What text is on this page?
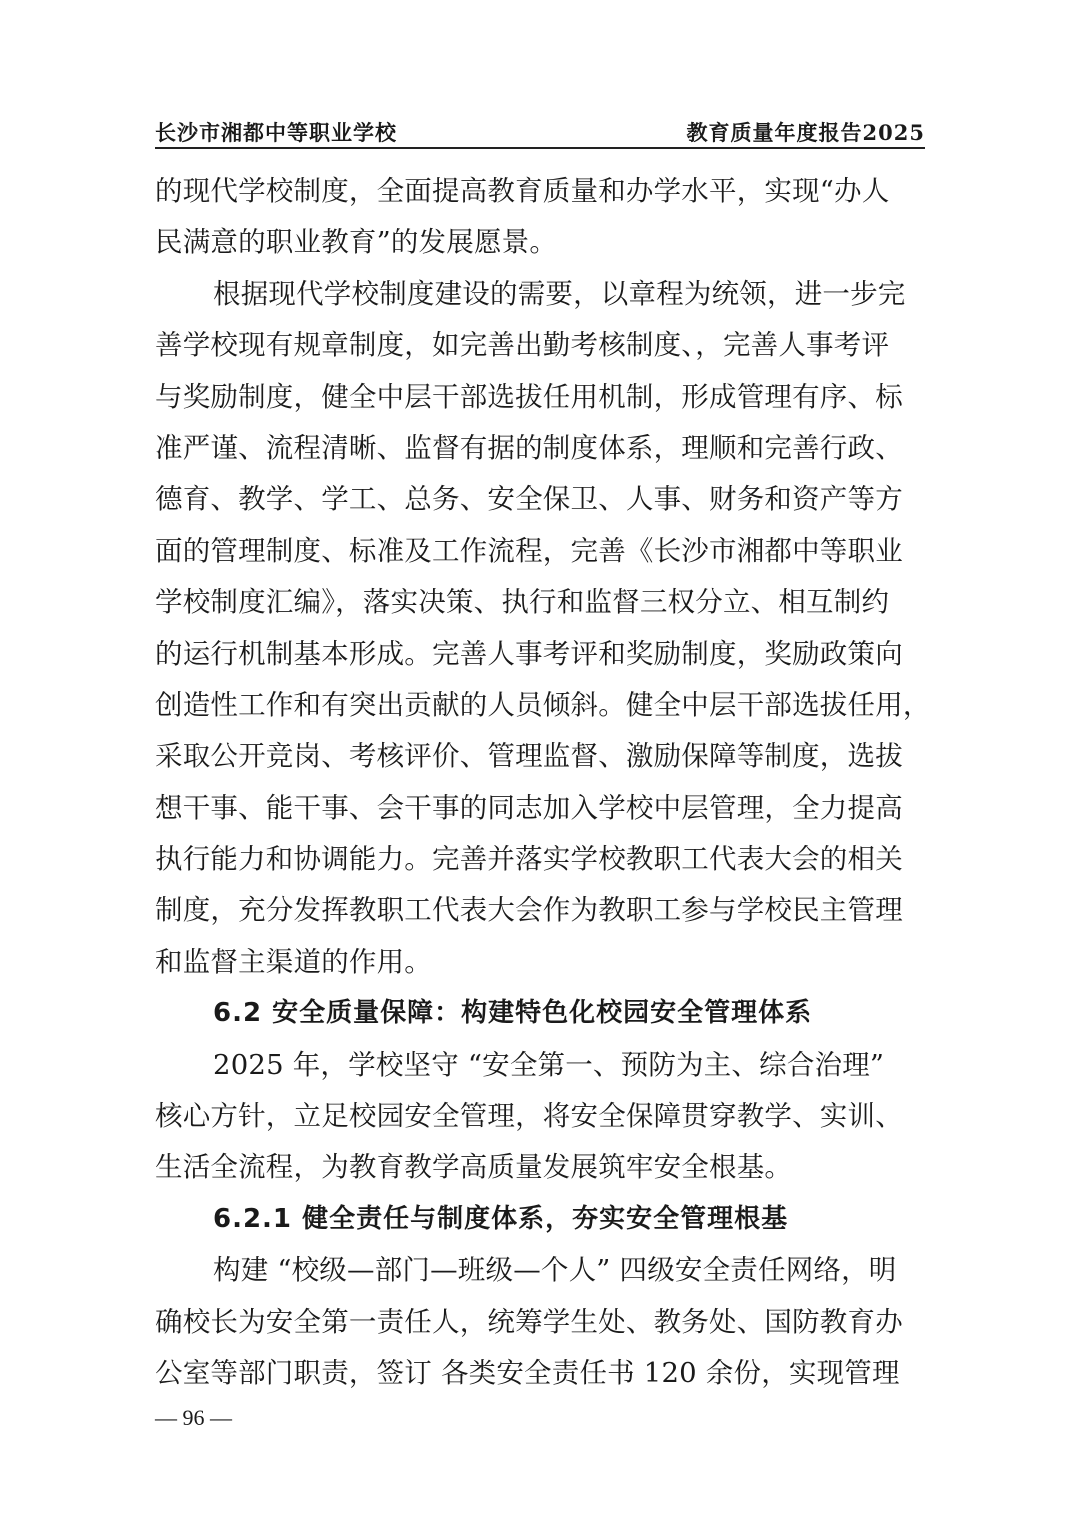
长沙市湘都中等职业学校	教育质量年度报告2025
的现代学校制度，全面提高教育质量和办学水平，实现“办人
民满意的职业教育”的发展愿景。
根据现代学校制度建设的需要，以章程为统领，进一步完
善学校现有规章制度，如完善出勤考核制度、，完善人事考评
与奖励制度，健全中层干部选拔任用机制，形成管理有序、标
准严谨、流程清晰、监督有据的制度体系，理顺和完善行政、
德育、教学、学工、总务、安全保卫、人事、财务和资产等方
面的管理制度、标准及工作流程，完善《长沙市湘都中等职业
学校制度汇编》，落实决策、执行和监督三权分立、相互制约
的运行机制基本形成。完善人事考评和奖励制度，奖励政策向
创造性工作和有突出贡献的人员倾斜。健全中层干部选拔任用，
采取公开竞岗、考核评价、管理监督、激励保障等制度，选拔
想干事、能干事、会干事的同志加入学校中层管理，全力提高
执行能力和协调能力。完善并落实学校教职工代表大会的相关
制度，充分发挥教职工代表大会作为教职工参与学校民主管理
和监督主渠道的作用。
6.2 安全质量保障：构建特色化校园安全管理体系
2025 年，学校坚守 “安全第一、预防为主、综合治理”
核心方针，立足校园安全管理，将安全保障贯穿教学、实训、
生活全流程，为教育教学高质量发展筑牢安全根基。
6.2.1 健全责任与制度体系，夯实安全管理根基
构建 “校级—部门—班级—个人” 四级安全责任网络，明
确校长为安全第一责任人，统筹学生处、教务处、国防教育办
公室等部门职责，签订 各类安全责任书 120 余份，实现管理
— 96 —
